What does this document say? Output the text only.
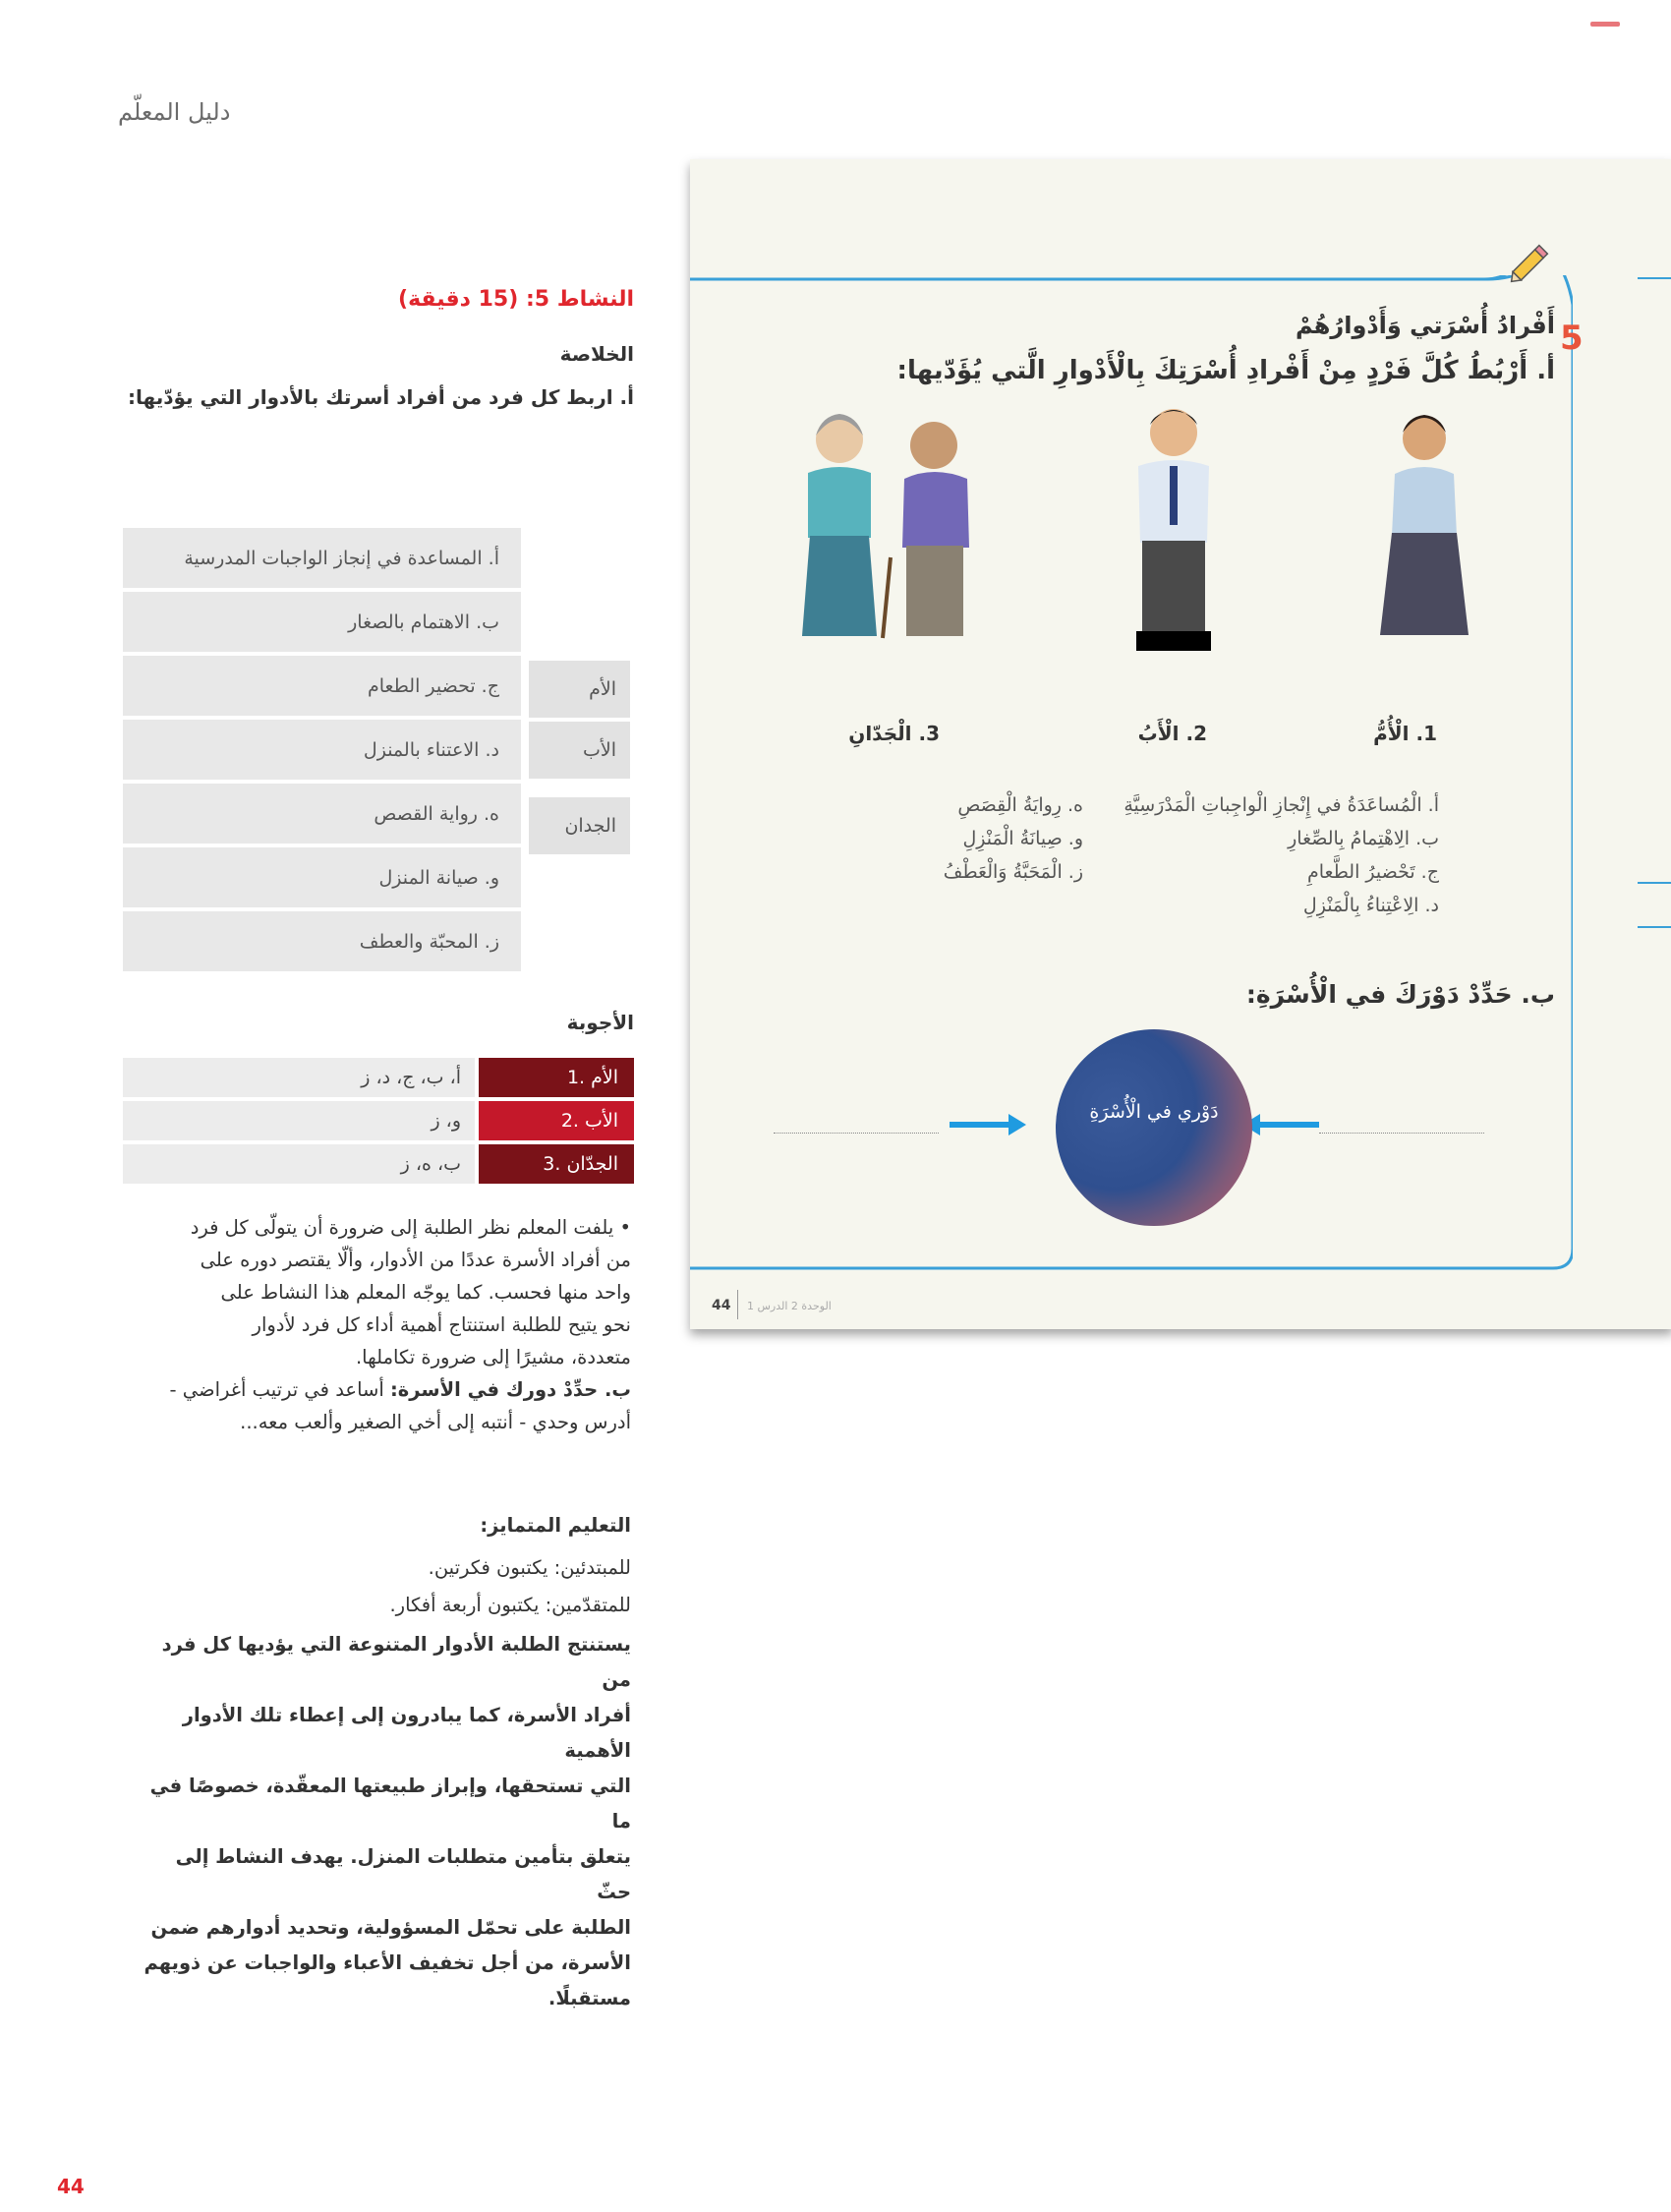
دليل المعلّم
النشاط 5: (15 دقيقة)
الخلاصة
أ. اربط كل فرد من أفراد أسرتك بالأدوار التي يؤدّيها:
أ. المساعدة في إنجاز الواجبات المدرسية
ب. الاهتمام بالصغار
ج. تحضير الطعام
د. الاعتناء بالمنزل
ه. رواية القصص
و. صيانة المنزل
ز. المحبّة والعطف
الأم
الأب
الجدان
الأجوبة
أ، ب، ج، د، ز	1. الأم
و، ز	2. الأب
ب، ه، ز	3. الجدّان
• يلفت المعلم نظر الطلبة إلى ضرورة أن يتولّى كل فرد
من أفراد الأسرة عددًا من الأدوار، وألّا يقتصر دوره على
واحد منها فحسب. كما يوجّه المعلم هذا النشاط على
نحو يتيح للطلبة استنتاج أهمية أداء كل فرد لأدوار
متعددة، مشيرًا إلى ضرورة تكاملها.
ب. حدِّدْ دورك في الأسرة: أساعد في ترتيب أغراضي -
أدرس وحدي - أنتبه إلى أخي الصغير وألعب معه...
التعليم المتمايز:
للمبتدئين: يكتبون فكرتين.
للمتقدّمين: يكتبون أربعة أفكار.
يستنتج الطلبة الأدوار المتنوعة التي يؤديها كل فرد من
أفراد الأسرة، كما يبادرون إلى إعطاء تلك الأدوار الأهمية
التي تستحقها، وإبراز طبيعتها المعقّدة، خصوصًا في ما
يتعلق بتأمين متطلبات المنزل. يهدف النشاط إلى حثّ
الطلبة على تحمّل المسؤولية، وتحديد أدوارهم ضمن
الأسرة، من أجل تخفيف الأعباء والواجبات عن ذويهم
مستقبلًا.
44
5
أَفْرادُ أُسْرَتي وَأَدْوارُهُمْ
أ. أَرْبُطُ كُلَّ فَرْدٍ مِنْ أَفْرادِ أُسْرَتِكَ بِالْأَدْوارِ الَّتي يُؤَدّيها:
1. الْأُمُّ
2. الْأَبُ
3. الْجَدّانِ
أ. الْمُساعَدَةُ في إِنْجازِ الْواجِباتِ الْمَدْرَسِيَّةِ
ب. الِاهْتِمامُ بِالصِّغارِ
ج. تَحْضيرُ الطَّعامِ
د. الِاعْتِناءُ بِالْمَنْزِلِ
ه. رِوايَةُ الْقِصَصِ
و. صِيانَةُ الْمَنْزِلِ
ز. الْمَحَبَّةُ وَالْعَطْفُ
ب. حَدِّدْ دَوْرَكَ في الْأُسْرَةِ:
دَوْري في الْأُسْرَةِ
44 الوحدة 2 الدرس 1
